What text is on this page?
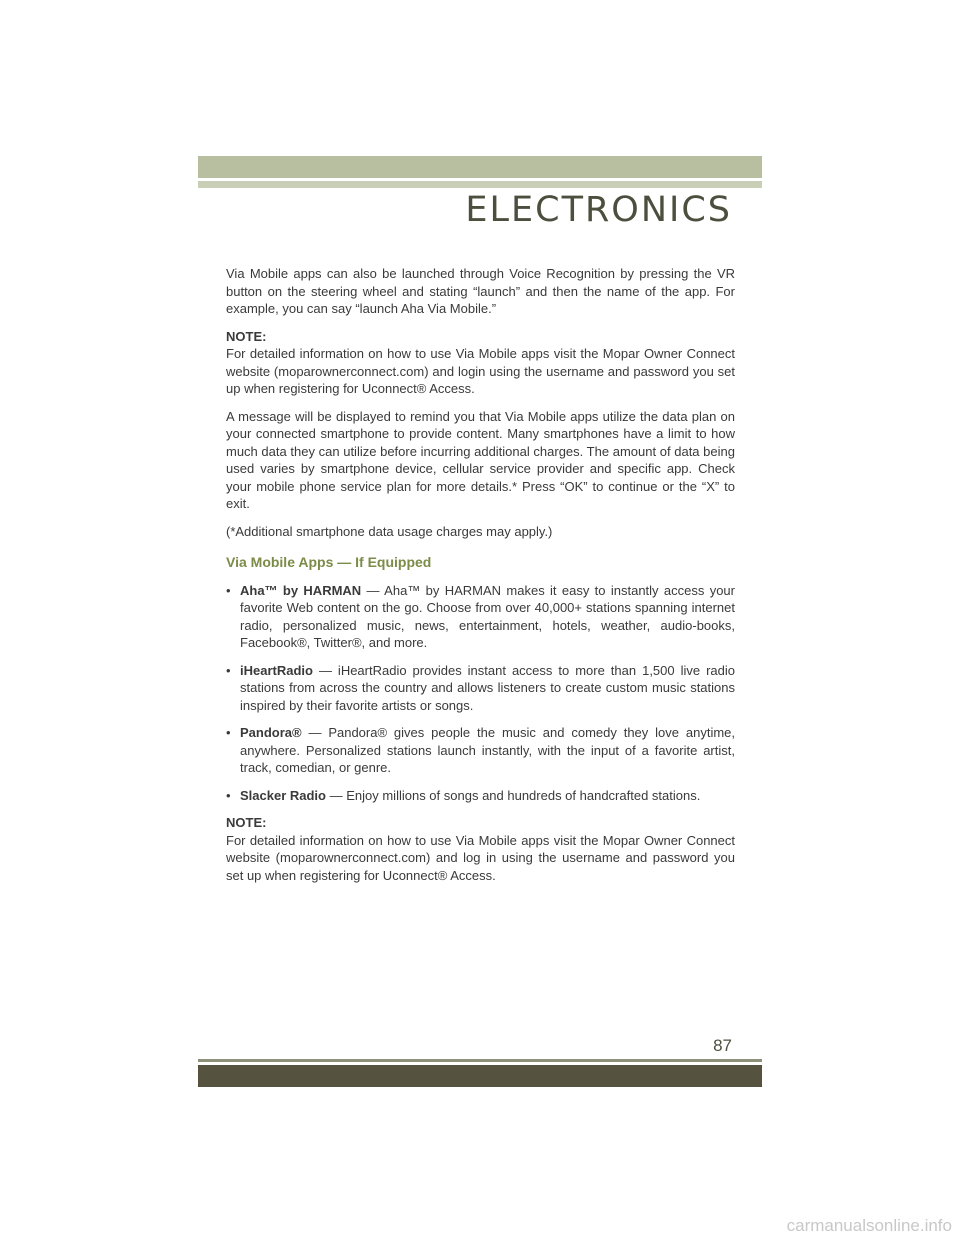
ELECTRONICS

Via Mobile apps can also be launched through Voice Recognition by pressing the VR button on the steering wheel and stating “launch” and then the name of the app. For example, you can say “launch Aha Via Mobile.”

NOTE:
For detailed information on how to use Via Mobile apps visit the Mopar Owner Connect website (moparownerconnect.com) and login using the username and password you set up when registering for Uconnect® Access.

A message will be displayed to remind you that Via Mobile apps utilize the data plan on your connected smartphone to provide content. Many smartphones have a limit to how much data they can utilize before incurring additional charges. The amount of data being used varies by smartphone device, cellular service provider and specific app. Check your mobile phone service plan for more details.* Press “OK” to continue or the “X” to exit.

(*Additional smartphone data usage charges may apply.)

Via Mobile Apps — If Equipped
• Aha™ by HARMAN — Aha™ by HARMAN makes it easy to instantly access your favorite Web content on the go. Choose from over 40,000+ stations spanning internet radio, personalized music, news, entertainment, hotels, weather, audio-books, Facebook®, Twitter®, and more.
• iHeartRadio — iHeartRadio provides instant access to more than 1,500 live radio stations from across the country and allows listeners to create custom music stations inspired by their favorite artists or songs.
• Pandora® — Pandora® gives people the music and comedy they love anytime, anywhere. Personalized stations launch instantly, with the input of a favorite artist, track, comedian, or genre.
• Slacker Radio — Enjoy millions of songs and hundreds of handcrafted stations.

NOTE:
For detailed information on how to use Via Mobile apps visit the Mopar Owner Connect website (moparownerconnect.com) and log in using the username and password you set up when registering for Uconnect® Access.

87
carmanualsonline.info
